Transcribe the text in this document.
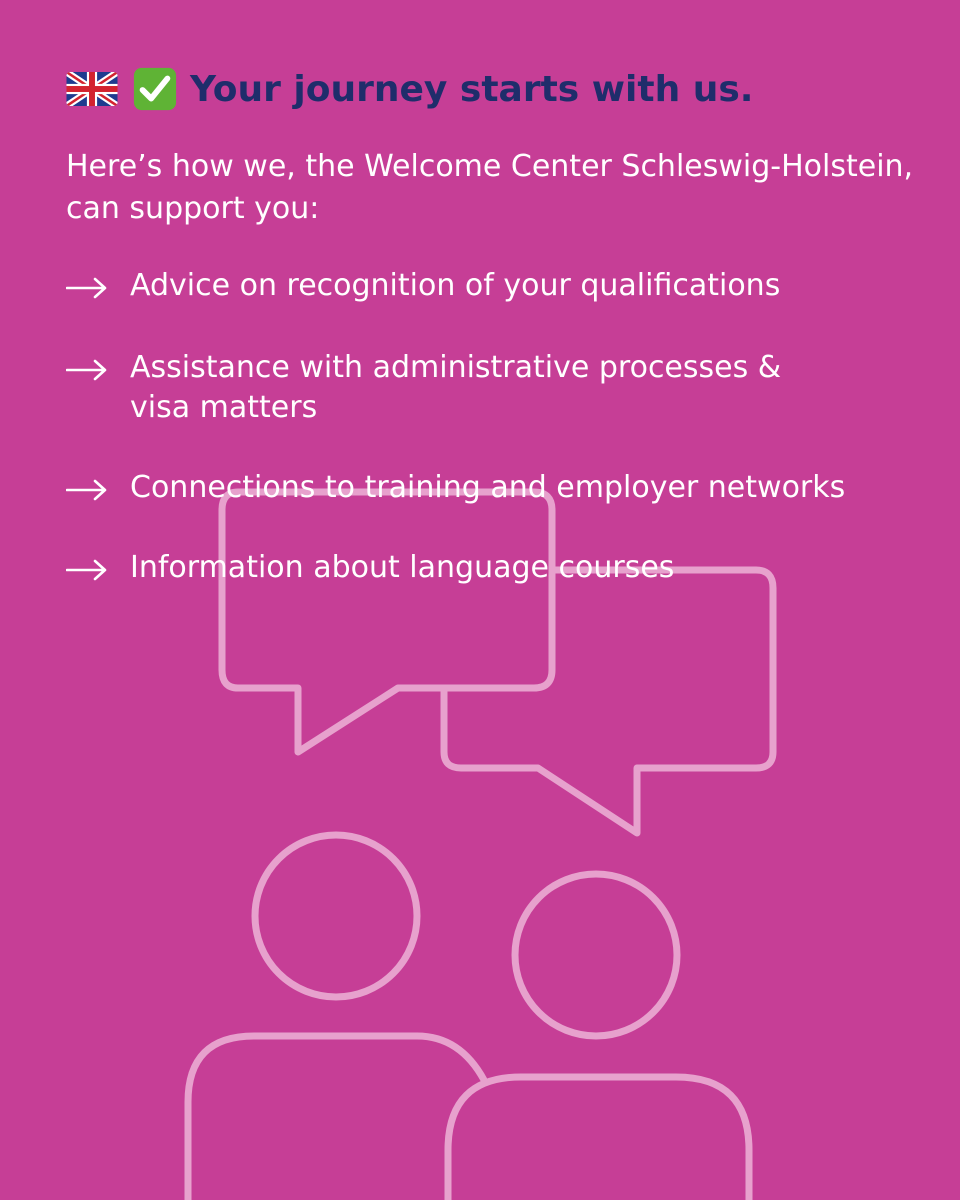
Your journey starts with us.
Here’s how we, the Welcome Center Schleswig-Holstein, can support you:
Advice on recognition of your qualifications
Assistance with administrative processes & visa matters
Connections to training and employer networks
Information about language courses
